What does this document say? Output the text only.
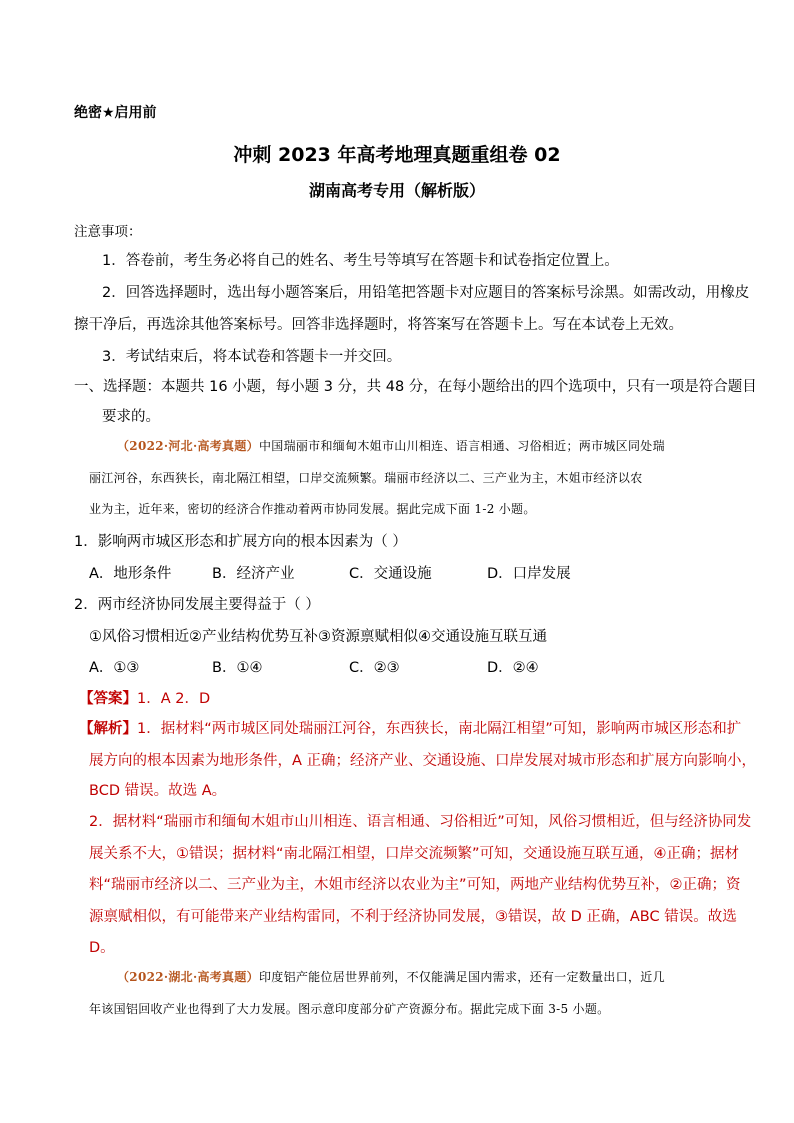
绝密★启用前
冲刺 2023 年高考地理真题重组卷 02
湖南高考专用（解析版）
注意事项：
1．答卷前，考生务必将自己的姓名、考生号等填写在答题卡和试卷指定位置上。
2．回答选择题时，选出每小题答案后，用铅笔把答题卡对应题目的答案标号涂黑。如需改动，用橡皮
擦干净后，再选涂其他答案标号。回答非选择题时，将答案写在答题卡上。写在本试卷上无效。
3．考试结束后，将本试卷和答题卡一并交回。
一、选择题：本题共 16 小题，每小题 3 分，共 48 分，在每小题给出的四个选项中，只有一项是符合题目
要求的。
（2022·河北·高考真题）中国瑞丽市和缅甸木姐市山川相连、语言相通、习俗相近；两市城区同处瑞
丽江河谷，东西狭长，南北隔江相望，口岸交流频繁。瑞丽市经济以二、三产业为主，木姐市经济以农
业为主，近年来，密切的经济合作推动着两市协同发展。据此完成下面 1-2 小题。
1．影响两市城区形态和扩展方向的根本因素为（ ）
A．地形条件	B．经济产业	C．交通设施	D．口岸发展
2．两市经济协同发展主要得益于（ ）
①风俗习惯相近②产业结构优势互补③资源禀赋相似④交通设施互联互通
A．①③	B．①④	C．②③	D．②④
【答案】1．A 2．D
【解析】1．据材料“两市城区同处瑞丽江河谷，东西狭长，南北隔江相望”可知，影响两市城区形态和扩
展方向的根本因素为地形条件，A 正确；经济产业、交通设施、口岸发展对城市形态和扩展方向影响小，
BCD 错误。故选 A。
2．据材料“瑞丽市和缅甸木姐市山川相连、语言相通、习俗相近”可知，风俗习惯相近，但与经济协同发
展关系不大，①错误；据材料“南北隔江相望，口岸交流频繁”可知，交通设施互联互通，④正确；据材
料“瑞丽市经济以二、三产业为主，木姐市经济以农业为主”可知，两地产业结构优势互补，②正确；资
源禀赋相似，有可能带来产业结构雷同，不利于经济协同发展，③错误，故 D 正确，ABC 错误。故选
D。
（2022·湖北·高考真题）印度铝产能位居世界前列，不仅能满足国内需求，还有一定数量出口，近几
年该国铝回收产业也得到了大力发展。图示意印度部分矿产资源分布。据此完成下面 3-5 小题。
